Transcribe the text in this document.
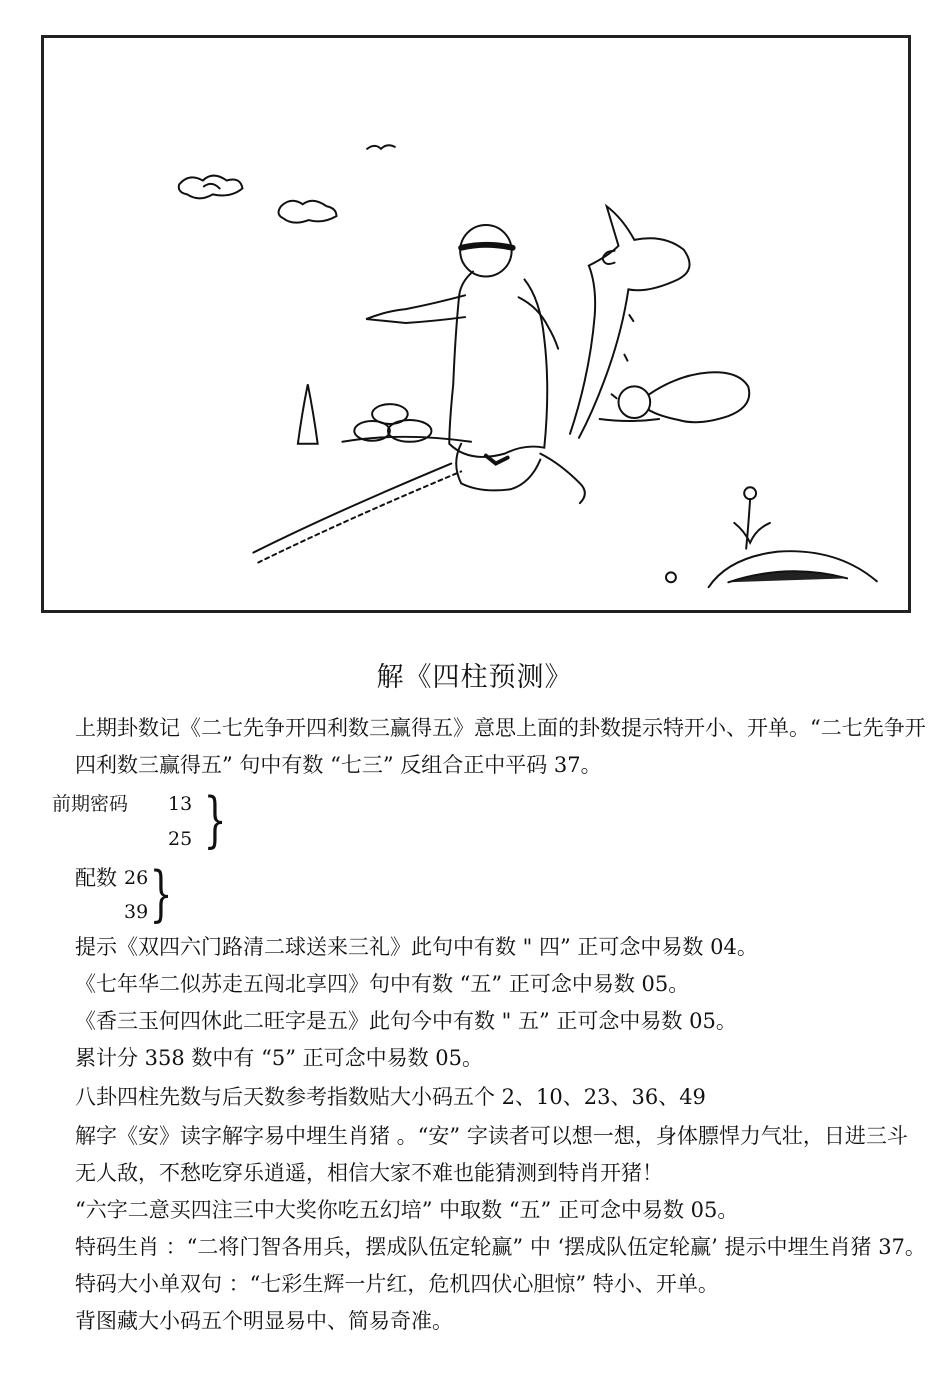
解《四柱预测》
上期卦数记《二七先争开四利数三赢得五》意思上面的卦数提示特开小、开单。“二七先争开
四利数三赢得五” 句中有数 “七三” 反组合正中平码 37。
前期密码 13
25 }
配数 26
39 }
提示《双四六门路清二球送来三礼》此句中有数 " 四” 正可念中易数 04。
《七年华二似苏走五闯北享四》句中有数 “五” 正可念中易数 05。
《香三玉何四休此二旺字是五》此句今中有数 " 五” 正可念中易数 05。
累计分 358 数中有 “5” 正可念中易数 05。
八卦四柱先数与后天数参考指数贴大小码五个 2、10、23、36、49
解字《安》读字解字易中埋生肖猪 。“安” 字读者可以想一想，身体膘悍力气壮，日进三斗
无人敌，不愁吃穿乐逍遥，相信大家不难也能猜测到特肖开猪！
“六字二意买四注三中大奖你吃五幻培” 中取数 “五” 正可念中易数 05。
特码生肖 ：“二将门智各用兵，摆成队伍定轮赢” 中 ‘摆成队伍定轮赢’ 提示中埋生肖猪 37。
特码大小单双句 ：“七彩生辉一片红，危机四伏心胆惊” 特小、开单。
背图藏大小码五个明显易中、简易奇准。
